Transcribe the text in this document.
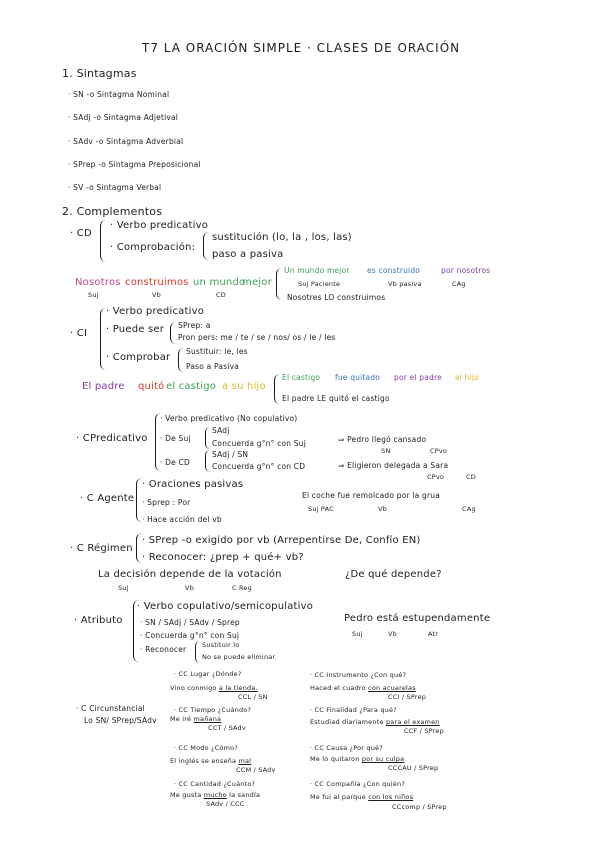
T7 LA ORACIÓN SIMPLE · CLASES DE ORACIÓN
1. Sintagmas
· SN -o Sintagma Nominal
· SAdj -o Sintagma Adjetival
· SAdv -o Sintagma Adverbial
· SPrep -o Sintagma Preposicional
· SV -o Sintagma Verbal
2. Complementos
· CD
· Verbo predicativo
· Comprobación:
sustitución (lo, la , los, las)
paso a pasiva
Nosotros construimos un mundo
mejor
Suj	Vb	CD
Un mundo mejor es construido	por nosotros
Suj Paciente	Vb pasiva	CAg
Nosotres LO construimos
· CI
· Verbo predicativo
· Puede ser SPrep: a
Pron pers: me / te / se / nos/ os / le / les
· Comprobar
Sustituir: le, les
Paso a Pasiva
El padre quitó el castigo a su hijo
El castigo fue quitado por el padre al hijo
El padre LE quitó el castigo
· CPredicativo
· Verbo predicativo (No copulativo)
· De Suj
SAdj
Concuerda g°n° con Suj	⇒ Pedro llegó cansado
SN	CPvo
· De CD
SAdj / SN
Concuerda g°n° con CD	⇒ Eligieron delegada a Sara
CPvo	CD
· C Agente
· Oraciones pasivas
· Sprep : Por
· Hace acción del vb
El coche fue remolcado por la grua
Suj PAC	Vb	CAg
· C Régimen
· SPrep -o exigido por vb (Arrepentirse De, Confío EN)
· Reconocer: ¿prep + qué+ vb?
La decisión depende de la votación	¿De qué depende?
Suj	Vb	C Reg
· Atributo
· Verbo copulativo/semicopulativo
· SN / SAdj / SAdv / Sprep
· Concuerda g°n° con Suj
· Reconocer Sustituir lo
No se puede eliminar
Pedro está estupendamente
Suj	Vb	Atr
· C Circunstancial
Lo SN/ SPrep/SAdv
· CC Lugar ¿Dónde?
Vino conmigo a la tienda.
CCL / SN
· CC Tiempo ¿Cuándo?
Me iré mañana
CCT / SAdv
· CC Modo ¿Cómo?
El inglés se enseña mal
CCM / SAdv
· CC Cantidad ¿Cuánto?
Me gusta mucho la sandía
SAdv / CCC
· CC Instrumento ¿Con qué?
Haced el cuadro con acuarelas
CCI / SPrep
· CC Finalidad ¿Para qué?
Estudiad diariamente para el examen
CCF / SPrep
· CC Causa ¿Por qué?
Me lo quitaron por su culpa
CCCAU / SPrep
· CC Compañía ¿Con quién?
Me fui al parque con los niños
CCcomp / SPrep
